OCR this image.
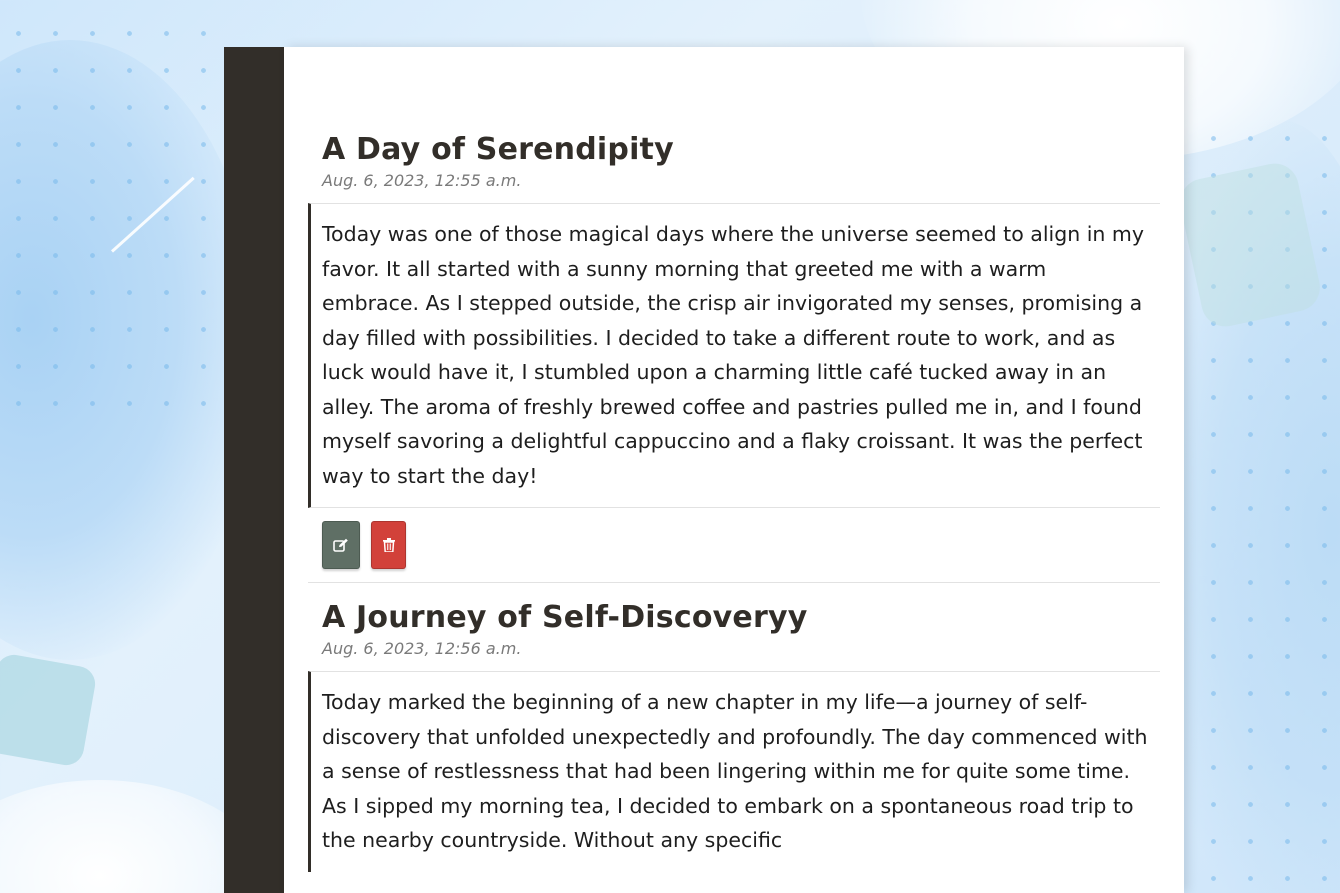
A Day of Serendipity
Aug. 6, 2023, 12:55 a.m.
Today was one of those magical days where the universe seemed to align in my favor. It all started with a sunny morning that greeted me with a warm embrace. As I stepped outside, the crisp air invigorated my senses, promising a day filled with possibilities. I decided to take a different route to work, and as luck would have it, I stumbled upon a charming little café tucked away in an alley. The aroma of freshly brewed coffee and pastries pulled me in, and I found myself savoring a delightful cappuccino and a flaky croissant. It was the perfect way to start the day!
A Journey of Self-Discoveryy
Aug. 6, 2023, 12:56 a.m.
Today marked the beginning of a new chapter in my life—a journey of self-discovery that unfolded unexpectedly and profoundly. The day commenced with a sense of restlessness that had been lingering within me for quite some time. As I sipped my morning tea, I decided to embark on a spontaneous road trip to the nearby countryside. Without any specific
